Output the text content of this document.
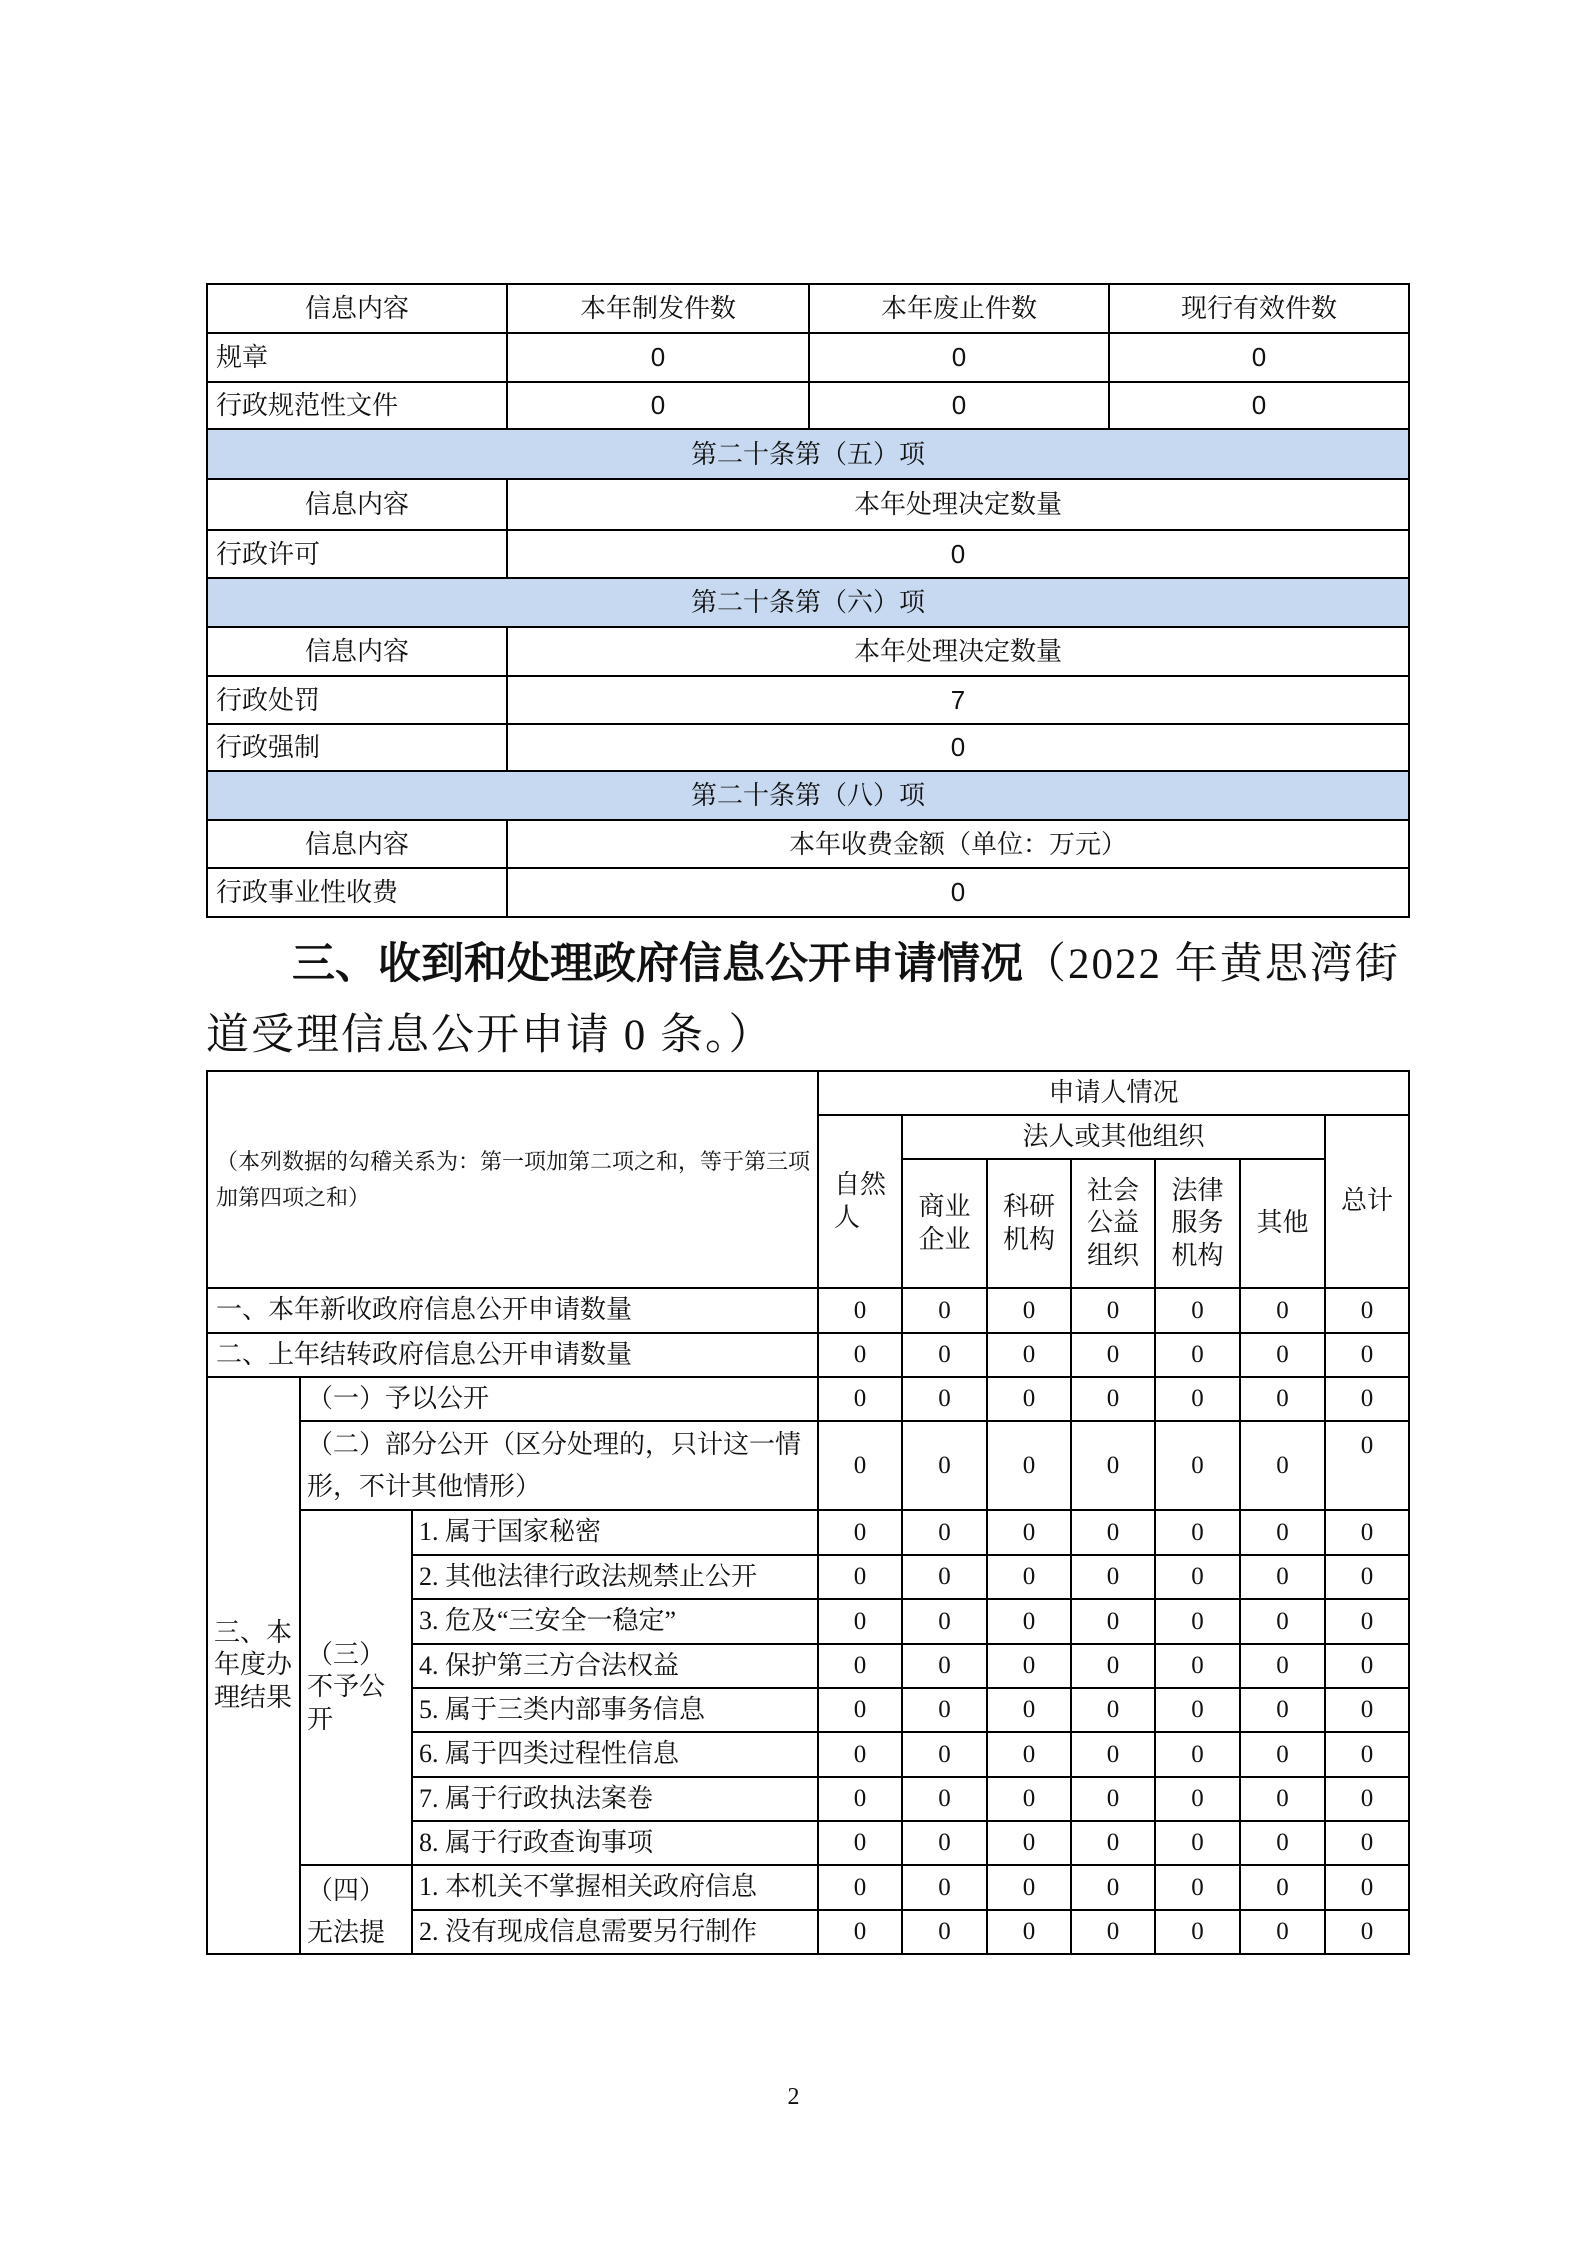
信息内容	本年制发件数	本年废止件数	现行有效件数
规章	0	0	0
行政规范性文件	0	0	0
第二十条第（五）项			
信息内容	本年处理决定数量		
行政许可	0		
第二十条第（六）项			
信息内容	本年处理决定数量		
行政处罚	7		
行政强制	0		
第二十条第（八）项			
信息内容	本年收费金额（单位：万元）		
行政事业性收费	0		
三、收到和处理政府信息公开申请情况（2022 年黄思湾街
道受理信息公开申请 0 条。）
（本列数据的勾稽关系为：第一项加第二项之和，等于第三项加第四项之和）			申请人情况						
			自然人	法人或其他组织					总计
				商业企业	科研机构	社会公益组织	法律服务机构	其他	
一、本年新收政府信息公开申请数量			0	0	0	0	0	0	0
二、上年结转政府信息公开申请数量			0	0	0	0	0	0	0
三、本年度办理结果	（一）予以公开		0	0	0	0	0	0	0
	（二）部分公开（区分处理的，只计这一情形，不计其他情形）		0	0	0	0	0	0	0
	（三）不予公开	1. 属于国家秘密	0	0	0	0	0	0	0
		2. 其他法律行政法规禁止公开	0	0	0	0	0	0	0
		3. 危及“三安全一稳定”	0	0	0	0	0	0	0
		4. 保护第三方合法权益	0	0	0	0	0	0	0
		5. 属于三类内部事务信息	0	0	0	0	0	0	0
		6. 属于四类过程性信息	0	0	0	0	0	0	0
		7. 属于行政执法案卷	0	0	0	0	0	0	0
		8. 属于行政查询事项	0	0	0	0	0	0	0
	（四）无法提	1. 本机关不掌握相关政府信息	0	0	0	0	0	0	0
		2. 没有现成信息需要另行制作	0	0	0	0	0	0	0
2
